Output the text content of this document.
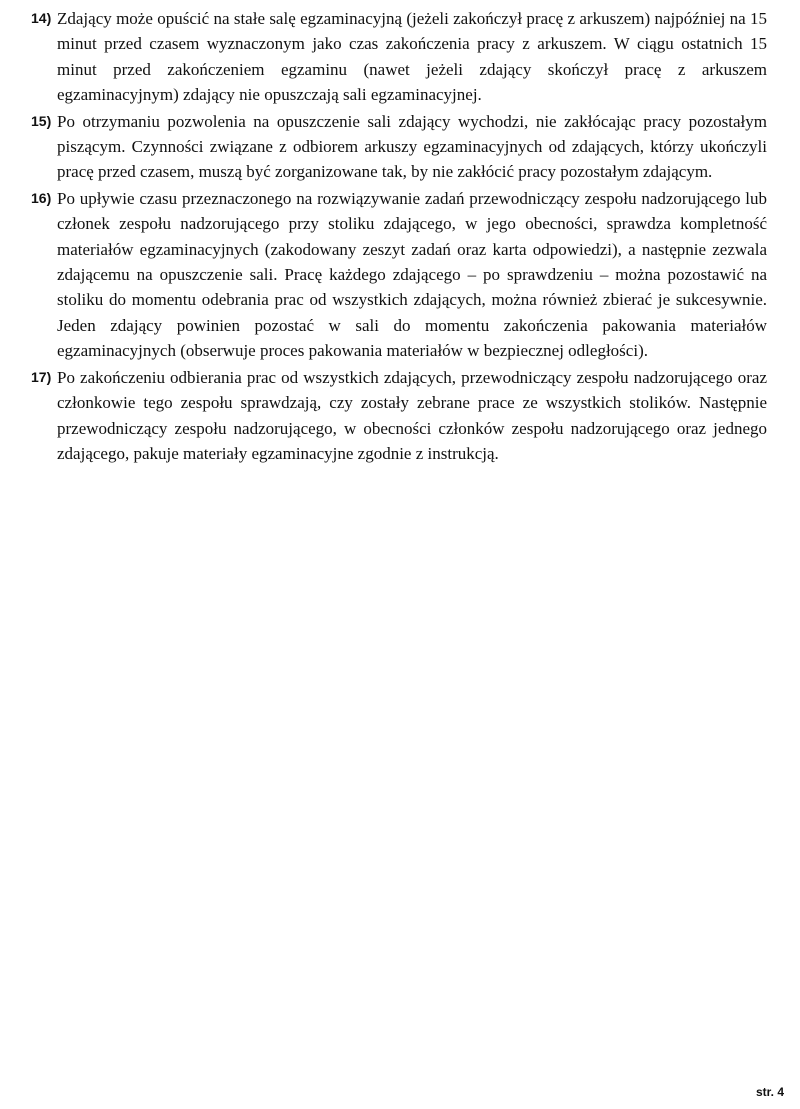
14) Zdający może opuścić na stałe salę egzaminacyjną (jeżeli zakończył pracę z arkuszem) najpóźniej na 15 minut przed czasem wyznaczonym jako czas zakończenia pracy z arkuszem. W ciągu ostatnich 15 minut przed zakończeniem egzaminu (nawet jeżeli zdający skończył pracę z arkuszem egzaminacyjnym) zdający nie opuszczają sali egzaminacyjnej.
15) Po otrzymaniu pozwolenia na opuszczenie sali zdający wychodzi, nie zakłócając pracy pozostałym piszącym. Czynności związane z odbiorem arkuszy egzaminacyjnych od zdających, którzy ukończyli pracę przed czasem, muszą być zorganizowane tak, by nie zakłócić pracy pozostałym zdającym.
16) Po upływie czasu przeznaczonego na rozwiązywanie zadań przewodniczący zespołu nadzorującego lub członek zespołu nadzorującego przy stoliku zdającego, w jego obecności, sprawdza kompletność materiałów egzaminacyjnych (zakodowany zeszyt zadań oraz karta odpowiedzi), a następnie zezwala zdającemu na opuszczenie sali. Pracę każdego zdającego – po sprawdzeniu – można pozostawić na stoliku do momentu odebrania prac od wszystkich zdających, można również zbierać je sukcesywnie. Jeden zdający powinien pozostać w sali do momentu zakończenia pakowania materiałów egzaminacyjnych (obserwuje proces pakowania materiałów w bezpiecznej odległości).
17) Po zakończeniu odbierania prac od wszystkich zdających, przewodniczący zespołu nadzorującego oraz członkowie tego zespołu sprawdzają, czy zostały zebrane prace ze wszystkich stolików. Następnie przewodniczący zespołu nadzorującego, w obecności członków zespołu nadzorującego oraz jednego zdającego, pakuje materiały egzaminacyjne zgodnie z instrukcją.
str. 4
